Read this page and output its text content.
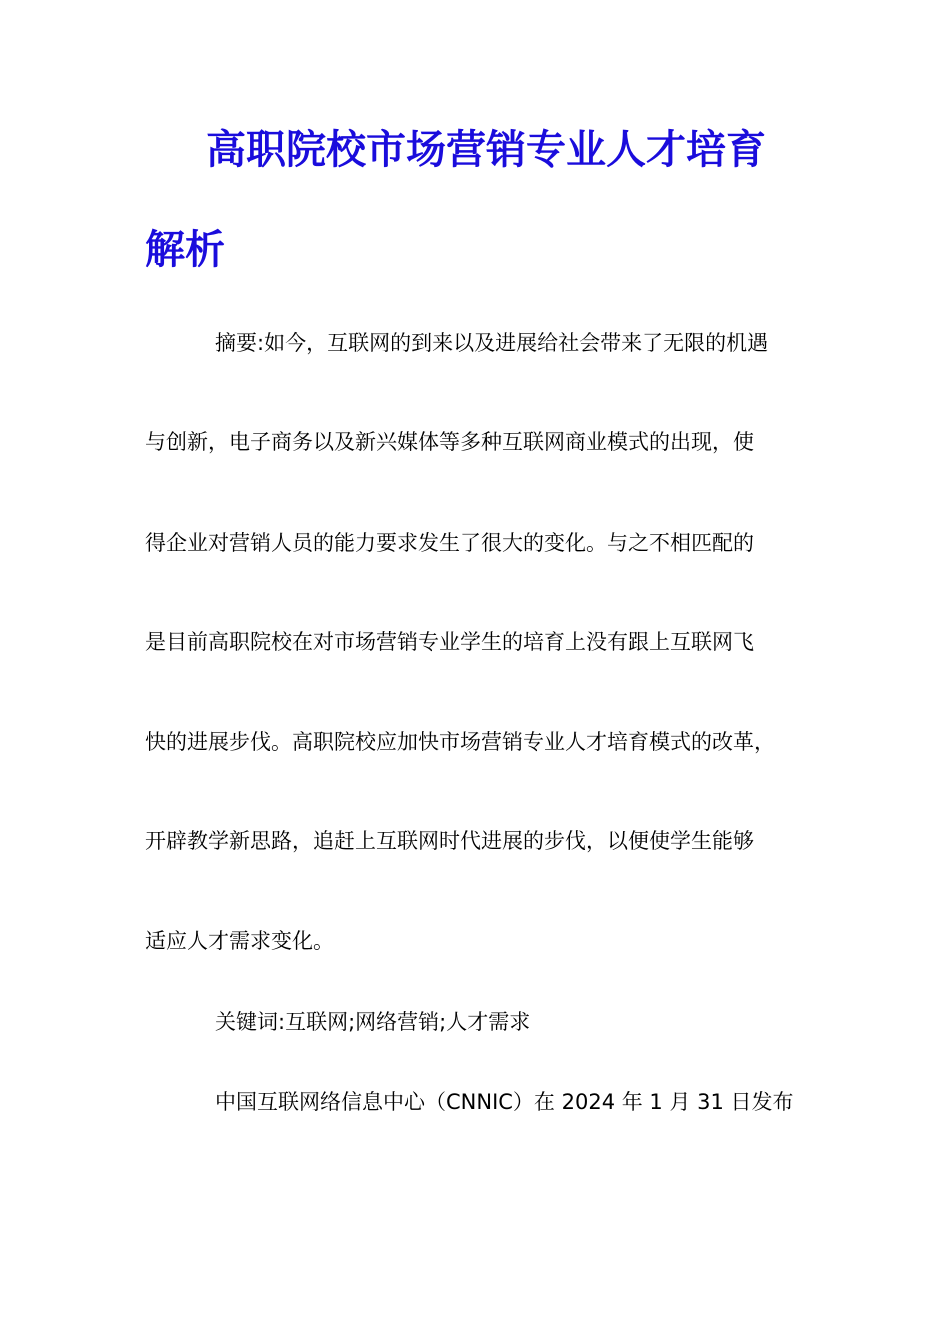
高职院校市场营销专业人才培育
解析
摘要:如今，互联网的到来以及进展给社会带来了无限的机遇
与创新，电子商务以及新兴媒体等多种互联网商业模式的出现，使
得企业对营销人员的能力要求发生了很大的变化。与之不相匹配的
是目前高职院校在对市场营销专业学生的培育上没有跟上互联网飞
快的进展步伐。高职院校应加快市场营销专业人才培育模式的改革，
开辟教学新思路，追赶上互联网时代进展的步伐，以便使学生能够
适应人才需求变化。
关键词:互联网;网络营销;人才需求
中国互联网络信息中心（CNNIC）在 2024 年 1 月 31 日发布
